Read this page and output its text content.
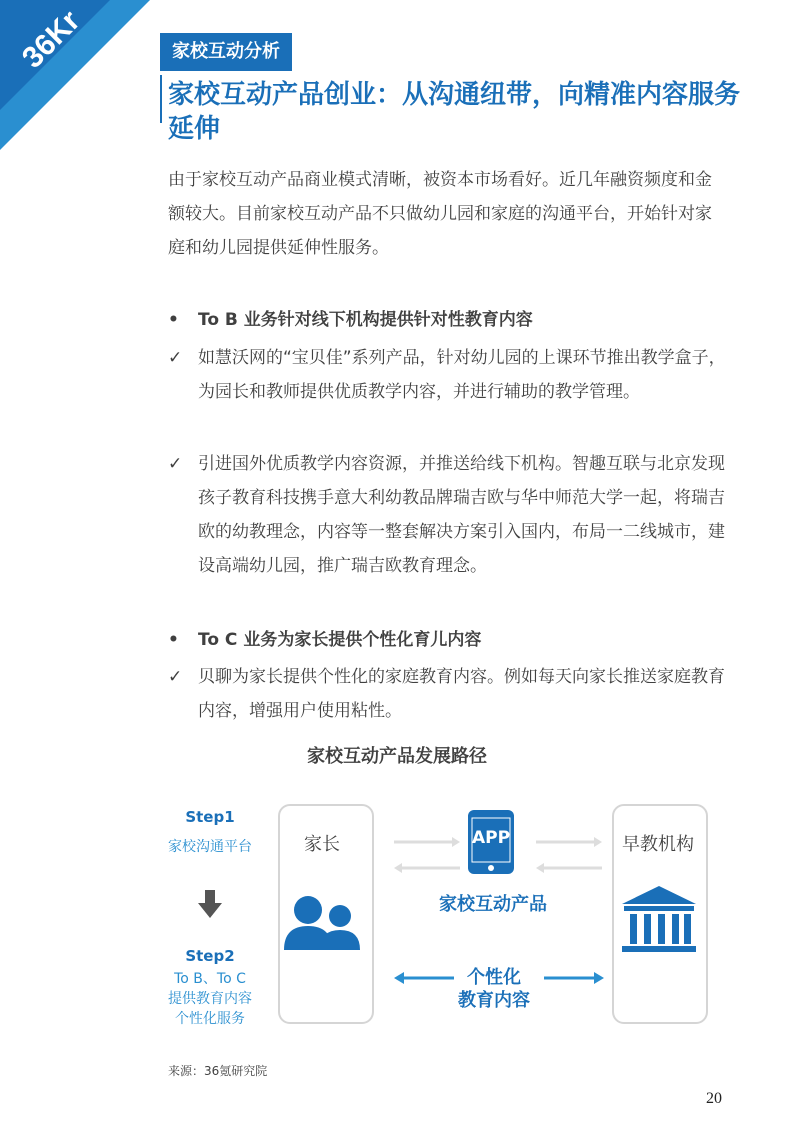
36Kr	家校互动分析
家校互动产品创业：从沟通纽带，向精准内容服务延伸

由于家校互动产品商业模式清晰，被资本市场看好。近几年融资频度和金额较大。目前家校互动产品不只做幼儿园和家庭的沟通平台，开始针对家庭和幼儿园提供延伸性服务。

• To B 业务针对线下机构提供针对性教育内容
✓ 如慧沃网的“宝贝佳”系列产品，针对幼儿园的上课环节推出教学盒子，为园长和教师提供优质教学内容，并进行辅助的教学管理。
✓ 引进国外优质教学内容资源，并推送给线下机构。智趣互联与北京发现孩子教育科技携手意大利幼教品牌瑞吉欧与华中师范大学一起，将瑞吉欧的幼教理念，内容等一整套解决方案引入国内，布局一二线城市，建设高端幼儿园，推广瑞吉欧教育理念。
• To C 业务为家长提供个性化育儿内容
✓ 贝聊为家长提供个性化的家庭教育内容。例如每天向家长推送家庭教育内容，增强用户使用粘性。
家校互动产品发展路径
Step1
家校沟通平台
Step2
To B、To C
提供教育内容
个性化服务
家长	早教机构
APP
家校互动产品
个性化
教育内容
来源：36氪研究院
20
